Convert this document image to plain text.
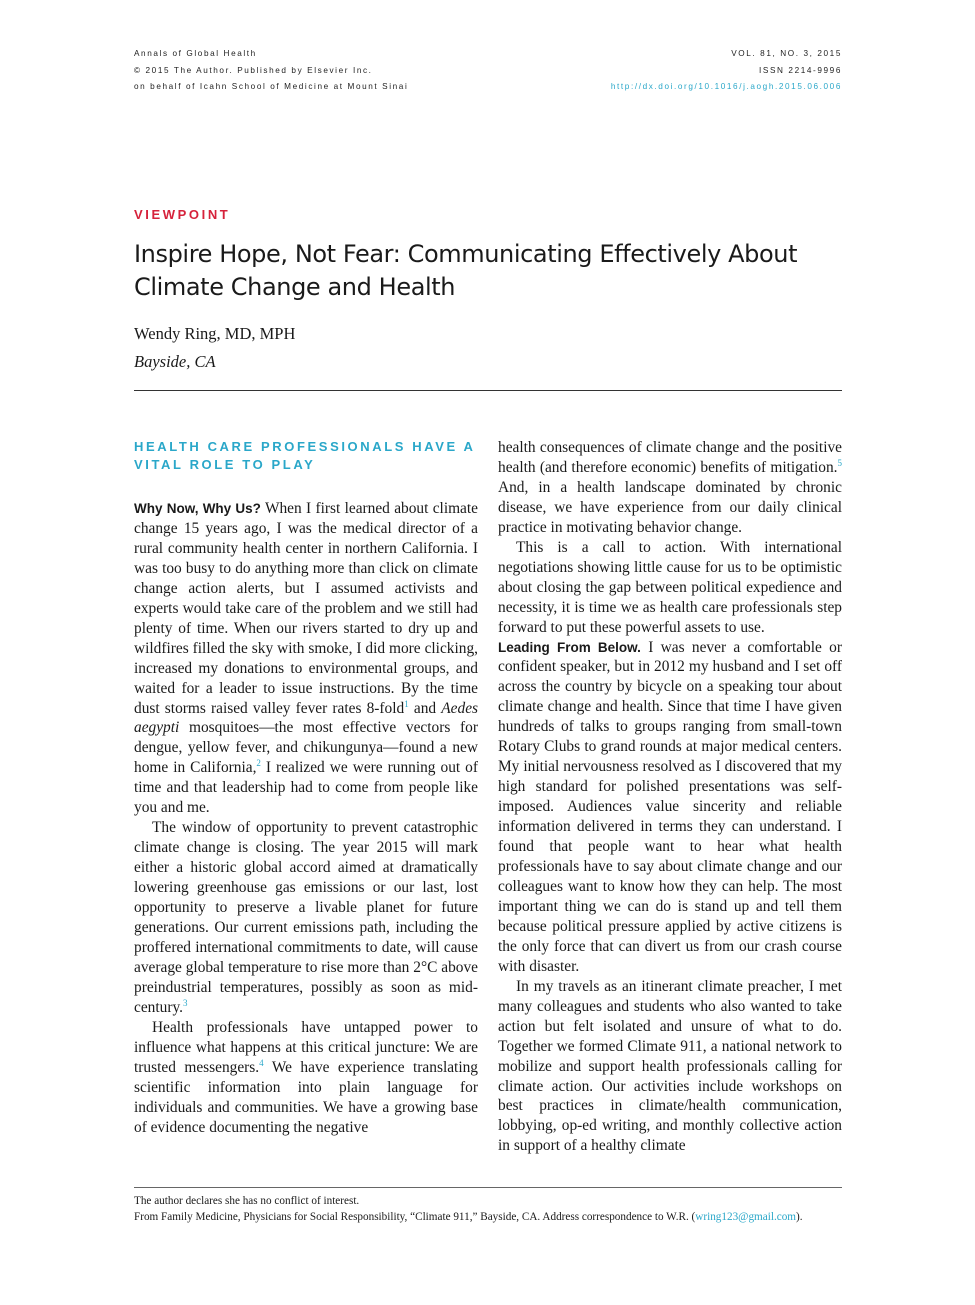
Annals of Global Health
© 2015 The Author. Published by Elsevier Inc.
on behalf of Icahn School of Medicine at Mount Sinai
VOL. 81, NO. 3, 2015
ISSN 2214-9996
http://dx.doi.org/10.1016/j.aogh.2015.06.006
VIEWPOINT
Inspire Hope, Not Fear: Communicating Effectively About Climate Change and Health
Wendy Ring, MD, MPH
Bayside, CA
HEALTH CARE PROFESSIONALS HAVE A VITAL ROLE TO PLAY

Why Now, Why Us? When I first learned about climate change 15 years ago, I was the medical director of a rural community health center in northern California. I was too busy to do anything more than click on climate change action alerts, but I assumed activists and experts would take care of the problem and we still had plenty of time. When our rivers started to dry up and wildfires filled the sky with smoke, I did more clicking, increased my donations to environmental groups, and waited for a leader to issue instructions. By the time dust storms raised valley fever rates 8-fold$^1$ and Aedes aegypti mosquitoes—the most effective vectors for dengue, yellow fever, and chikungunya—found a new home in California,$^2$ I realized we were running out of time and that leadership had to come from people like you and me.

The window of opportunity to prevent catastrophic climate change is closing. The year 2015 will mark either a historic global accord aimed at dramatically lowering greenhouse gas emissions or our last, lost opportunity to preserve a livable planet for future generations. Our current emissions path, including the proffered international commitments to date, will cause average global temperature to rise more than 2°C above preindustrial temperatures, possibly as soon as mid-century.$^3$

Health professionals have untapped power to influence what happens at this critical juncture: We are trusted messengers.$^4$ We have experience translating scientific information into plain language for individuals and communities. We have a growing base of evidence documenting the negative

health consequences of climate change and the positive health (and therefore economic) benefits of mitigation.$^5$ And, in a health landscape dominated by chronic disease, we have experience from our daily clinical practice in motivating behavior change.

This is a call to action. With international negotiations showing little cause for us to be optimistic about closing the gap between political expedience and necessity, it is time we as health care professionals step forward to put these powerful assets to use.

Leading From Below. I was never a comfortable or confident speaker, but in 2012 my husband and I set off across the country by bicycle on a speaking tour about climate change and health. Since that time I have given hundreds of talks to groups ranging from small-town Rotary Clubs to grand rounds at major medical centers. My initial nervousness resolved as I discovered that my high standard for polished presentations was self-imposed. Audiences value sincerity and reliable information delivered in terms they can understand. I found that people want to hear what health professionals have to say about climate change and our colleagues want to know how they can help. The most important thing we can do is stand up and tell them because political pressure applied by active citizens is the only force that can divert us from our crash course with disaster.

In my travels as an itinerant climate preacher, I met many colleagues and students who also wanted to take action but felt isolated and unsure of what to do. Together we formed Climate 911, a national network to mobilize and support health professionals calling for climate action. Our activities include workshops on best practices in climate/health communication, lobbying, op-ed writing, and monthly collective action in support of a healthy climate

The author declares she has no conflict of interest.
From Family Medicine, Physicians for Social Responsibility, “Climate 911,” Bayside, CA. Address correspondence to W.R. (wring123@gmail.com).
